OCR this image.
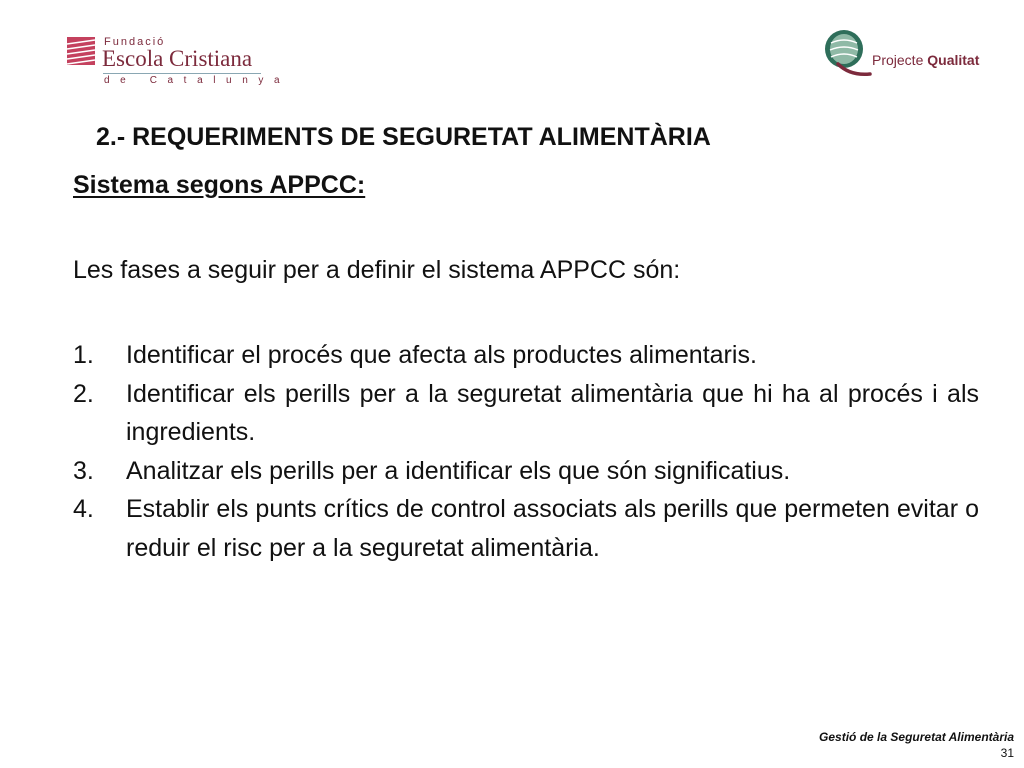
Fundació
Escola Cristiana
de Catalunya
Projecte Qualitat
2.- REQUERIMENTS DE SEGURETAT ALIMENTÀRIA
Sistema segons APPCC:
Les fases a seguir per a definir el sistema APPCC són:
1. Identificar el procés que afecta als productes alimentaris.
2. Identificar els perills per a la seguretat alimentària que hi ha al procés i als ingredients.
3. Analitzar els perills per a identificar els que són significatius.
4. Establir els punts crítics de control associats als perills que permeten evitar o reduir el risc per a la seguretat alimentària.
Gestió de la Seguretat Alimentària
31
